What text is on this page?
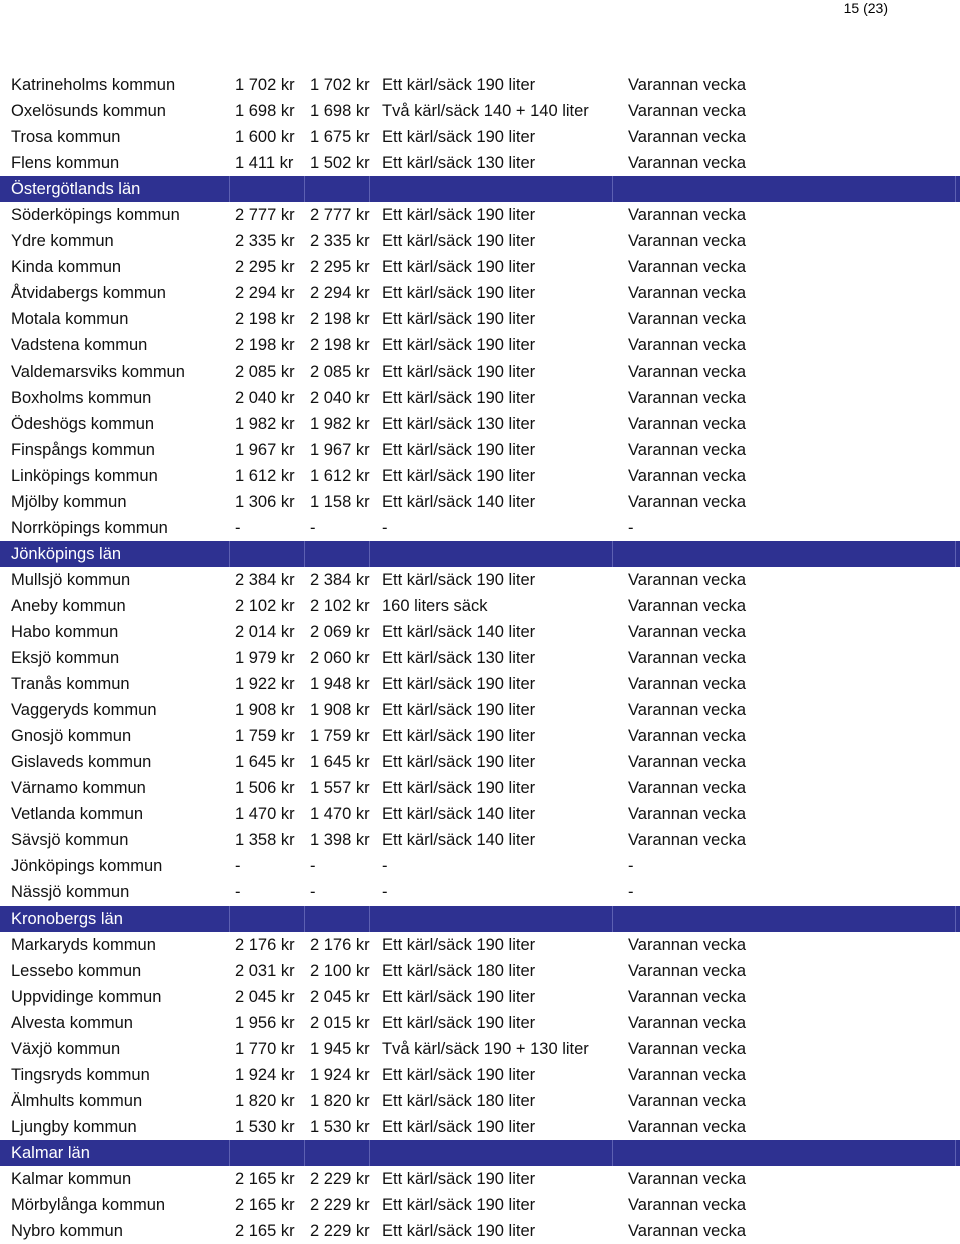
15 (23)
Katrineholms kommun	1 702 kr 1 702 kr Ett kärl/säck 190 liter	Varannan vecka
Oxelösunds kommun	1 698 kr 1 698 kr Två kärl/säck 140 + 140 liter Varannan vecka
Trosa kommun	1 600 kr 1 675 kr Ett kärl/säck 190 liter	Varannan vecka
Flens kommun	1 411 kr 1 502 kr Ett kärl/säck 130 liter	Varannan vecka
Östergötlands län
Söderköpings kommun	2 777 kr 2 777 kr Ett kärl/säck 190 liter	Varannan vecka
Ydre kommun	2 335 kr 2 335 kr Ett kärl/säck 190 liter	Varannan vecka
Kinda kommun	2 295 kr 2 295 kr Ett kärl/säck 190 liter	Varannan vecka
Åtvidabergs kommun	2 294 kr 2 294 kr Ett kärl/säck 190 liter	Varannan vecka
Motala kommun	2 198 kr 2 198 kr Ett kärl/säck 190 liter	Varannan vecka
Vadstena kommun	2 198 kr 2 198 kr Ett kärl/säck 190 liter	Varannan vecka
Valdemarsviks kommun	2 085 kr 2 085 kr Ett kärl/säck 190 liter	Varannan vecka
Boxholms kommun	2 040 kr 2 040 kr Ett kärl/säck 190 liter	Varannan vecka
Ödeshögs kommun	1 982 kr 1 982 kr Ett kärl/säck 130 liter	Varannan vecka
Finspångs kommun	1 967 kr 1 967 kr Ett kärl/säck 190 liter	Varannan vecka
Linköpings kommun	1 612 kr 1 612 kr Ett kärl/säck 190 liter	Varannan vecka
Mjölby kommun	1 306 kr 1 158 kr Ett kärl/säck 140 liter	Varannan vecka
Norrköpings kommun	-	-	-	-
Jönköpings län
Mullsjö kommun	2 384 kr 2 384 kr Ett kärl/säck 190 liter	Varannan vecka
Aneby kommun	2 102 kr 2 102 kr 160 liters säck	Varannan vecka
Habo kommun	2 014 kr 2 069 kr Ett kärl/säck 140 liter	Varannan vecka
Eksjö kommun	1 979 kr 2 060 kr Ett kärl/säck 130 liter	Varannan vecka
Tranås kommun	1 922 kr 1 948 kr Ett kärl/säck 190 liter	Varannan vecka
Vaggeryds kommun	1 908 kr 1 908 kr Ett kärl/säck 190 liter	Varannan vecka
Gnosjö kommun	1 759 kr 1 759 kr Ett kärl/säck 190 liter	Varannan vecka
Gislaveds kommun	1 645 kr 1 645 kr Ett kärl/säck 190 liter	Varannan vecka
Värnamo kommun	1 506 kr 1 557 kr Ett kärl/säck 190 liter	Varannan vecka
Vetlanda kommun	1 470 kr 1 470 kr Ett kärl/säck 140 liter	Varannan vecka
Sävsjö kommun	1 358 kr 1 398 kr Ett kärl/säck 140 liter	Varannan vecka
Jönköpings kommun	-	-	-	-
Nässjö kommun	-	-	-	-
Kronobergs län
Markaryds kommun	2 176 kr 2 176 kr Ett kärl/säck 190 liter	Varannan vecka
Lessebo kommun	2 031 kr 2 100 kr Ett kärl/säck 180 liter	Varannan vecka
Uppvidinge kommun	2 045 kr 2 045 kr Ett kärl/säck 190 liter	Varannan vecka
Alvesta kommun	1 956 kr 2 015 kr Ett kärl/säck 190 liter	Varannan vecka
Växjö kommun	1 770 kr 1 945 kr Två kärl/säck 190 + 130 liter Varannan vecka
Tingsryds kommun	1 924 kr 1 924 kr Ett kärl/säck 190 liter	Varannan vecka
Älmhults kommun	1 820 kr 1 820 kr Ett kärl/säck 180 liter	Varannan vecka
Ljungby kommun	1 530 kr 1 530 kr Ett kärl/säck 190 liter	Varannan vecka
Kalmar län
Kalmar kommun	2 165 kr 2 229 kr Ett kärl/säck 190 liter	Varannan vecka
Mörbylånga kommun	2 165 kr 2 229 kr Ett kärl/säck 190 liter	Varannan vecka
Nybro kommun	2 165 kr 2 229 kr Ett kärl/säck 190 liter	Varannan vecka
